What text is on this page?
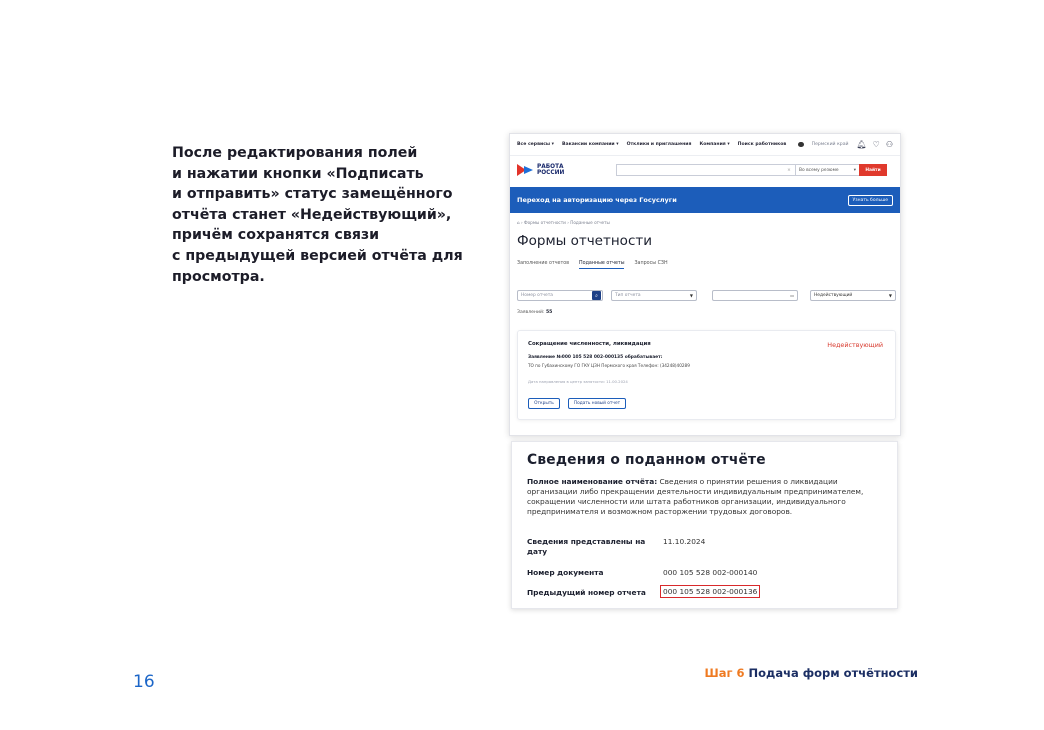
После редактирования полей
и нажатии кнопки «Подписать
и отправить» статус замещённого
отчёта станет «Недействующий»,
причём сохранятся связи
с предыдущей версией отчёта для
просмотра.
Все сервисы ▾ Вакансии компании ▾ Отклики и приглашения Компания ▾ Поиск работников	Пермский край 🔔︎ ♡ ⚇
РАБОТА
РОССИИ	×	Во всему резюме	▾	Найти
Переход на авторизацию через Госуслуги	Узнать больше
⌂ › Формы отчетности › Поданные отчеты
Формы отчетности
Заполнение отчетов Поданные отчеты Запросы СЗН
Номер отчета	⌕	Тип отчета	▼	▭	Недействующий	▼
Заявлений: 55
Сокращение численности, ликвидация	Недействующий
Заявление №000 105 528 002-000135 обрабатывает:
ТО по Губахинскому ГО ГКУ ЦЗН Пермского края Телефон: (34248)40289
Дата направления в центр занятости: 11.00.2024
Открыть	Подать новый отчет
Сведения о поданном отчёте
Полное наименование отчёта: Сведения о принятии решения о ликвидации организации либо прекращении деятельности индивидуальным предпринимателем, сокращении численности или штата работников организации, индивидуального предпринимателя и возможном расторжении трудовых договоров.
Сведения представлены на дату
11.10.2024
Номер документа	000 105 528 002-000140
Предыдущий номер отчета	000 105 528 002-000136
16	Шаг 6 Подача форм отчётности
